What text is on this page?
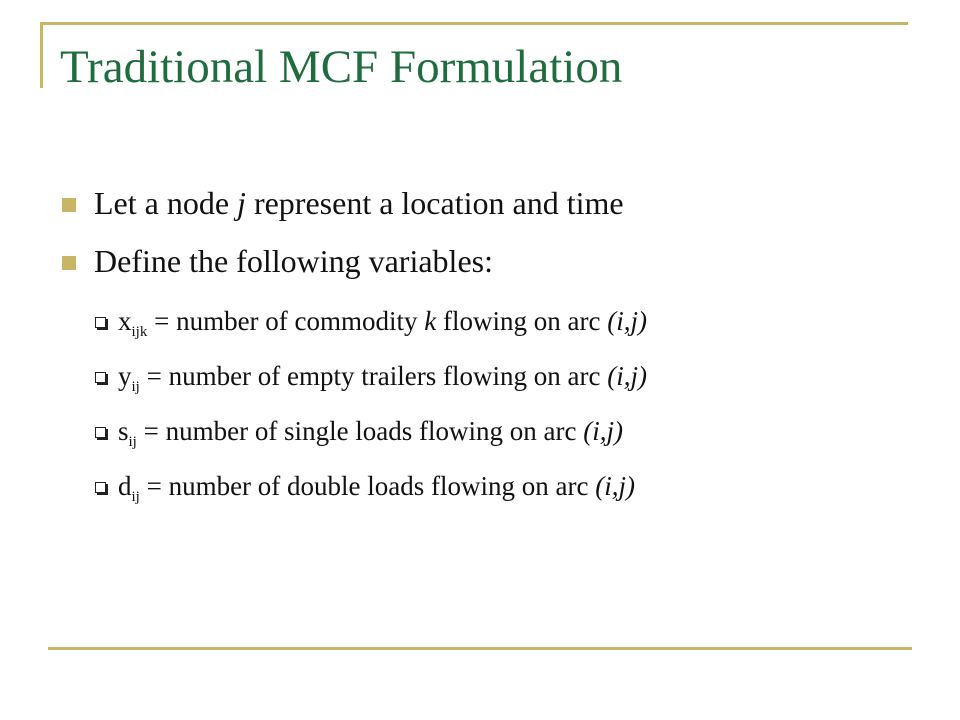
Traditional MCF Formulation
Let a node j represent a location and time
Define the following variables:
$x_{ijk}$ = number of commodity k flowing on arc (i,j)
$y_{ij}$ = number of empty trailers flowing on arc (i,j)
$s_{ij}$ = number of single loads flowing on arc (i,j)
$d_{ij}$ = number of double loads flowing on arc (i,j)
